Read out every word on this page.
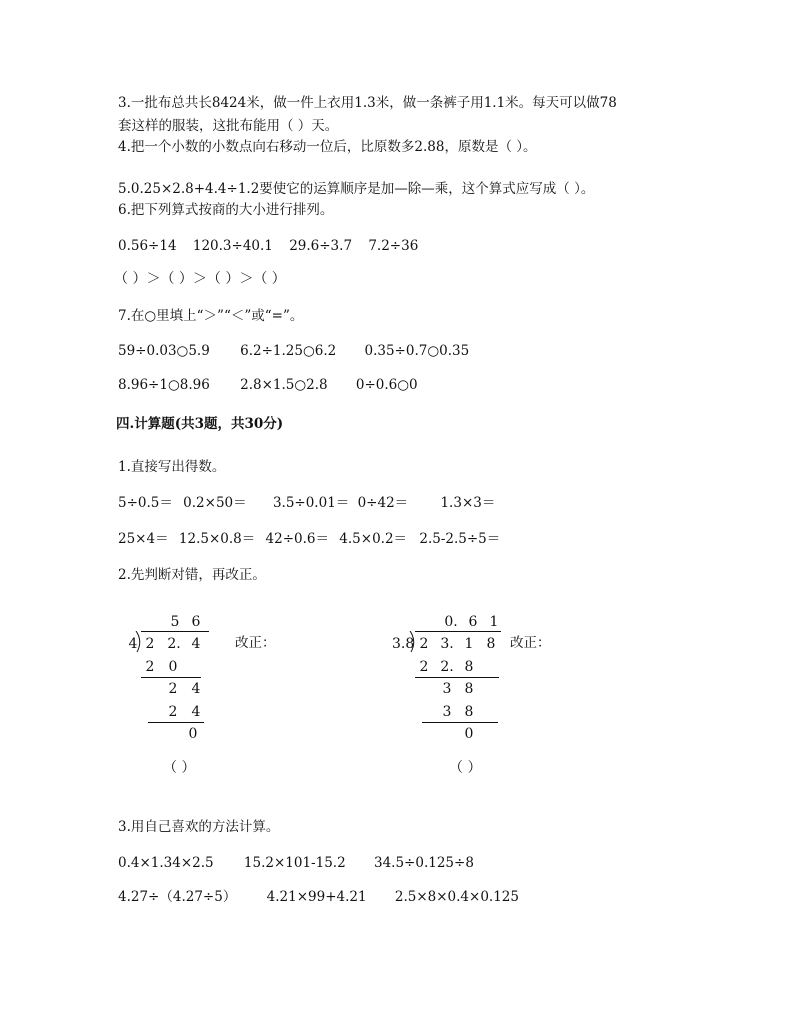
3.一批布总共长8424米，做一件上衣用1.3米，做一条裤子用1.1米。每天可以做78
套这样的服装，这批布能用（ ）天。
4.把一个小数的小数点向右移动一位后，比原数多2.88，原数是（ ）。
5.0.25×2.8+4.4÷1.2要使它的运算顺序是加—除—乘，这个算式应写成（ ）。
6.把下列算式按商的大小进行排列。
0.56÷14 120.3÷40.1 29.6÷3.7 7.2÷36
（ ）＞（ ）＞（ ）＞（ ）
7.在○里填上“＞”“＜”或“=”。
59÷0.03○5.9 6.2÷1.25○6.2 0.35÷0.7○0.35
8.96÷1○8.96 2.8×1.5○2.8 0÷0.6○0
四.计算题(共3题，共30分)
1.直接写出得数。
5÷0.5＝ 0.2×50＝ 3.5÷0.01＝ 0÷42＝ 1.3×3＝
25×4＝ 12.5×0.8＝ 42÷0.6＝ 4.5×0.2＝ 2.5-2.5÷5＝
2.先判断对错，再改正。
5 6
4 2 2. 4
2 0
2 4
2 4
0
改正：
（ ）
0. 6 1
3.8 2 3. 1 8
2 2. 8
3 8
3 8
0
改正：
（ ）
3.用自己喜欢的方法计算。
0.4×1.34×2.5 15.2×101-15.2 34.5÷0.125÷8
4.27÷（4.27÷5） 4.21×99+4.21 2.5×8×0.4×0.125
